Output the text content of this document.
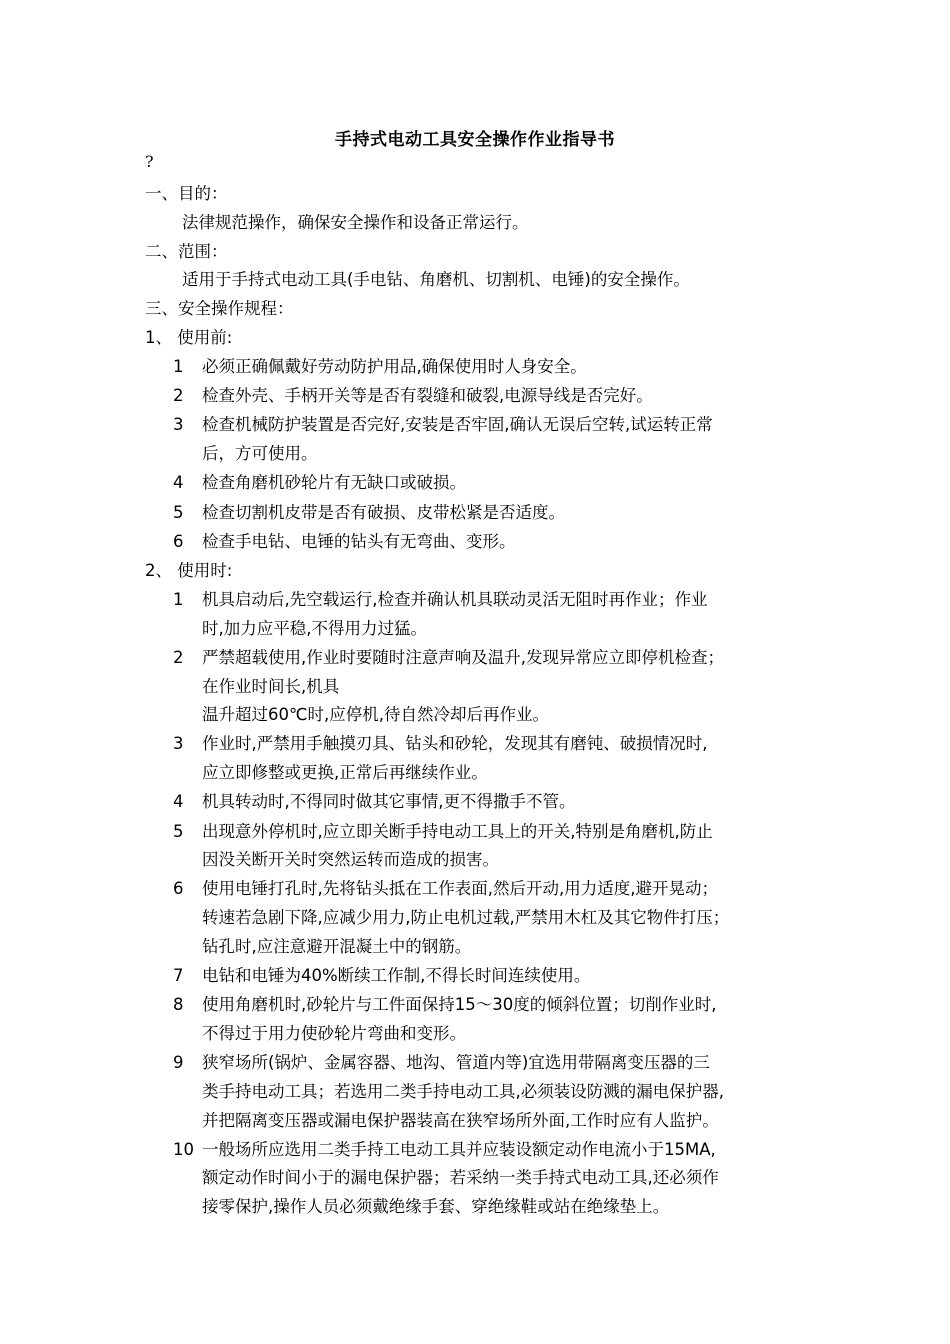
手持式电动工具安全操作作业指导书
?
一、目的：
法律规范操作，确保安全操作和设备正常运行。
二、范围：
适用于手持式电动工具(手电钻、角磨机、切割机、电锤)的安全操作。
三、安全操作规程：
1、 使用前:
1	必须正确佩戴好劳动防护用品,确保使用时人身安全。
2	检查外壳、手柄开关等是否有裂缝和破裂,电源导线是否完好。
3	检查机械防护装置是否完好,安装是否牢固,确认无误后空转,试运转正常
后，方可使用。
4	检查角磨机砂轮片有无缺口或破损。
5	检查切割机皮带是否有破损、皮带松紧是否适度。
6	检查手电钻、电锤的钻头有无弯曲、变形。
2、 使用时:
1	机具启动后,先空载运行,检查并确认机具联动灵活无阻时再作业；作业
时,加力应平稳,不得用力过猛。
2	严禁超载使用,作业时要随时注意声响及温升,发现异常应立即停机检查；
在作业时间长,机具
温升超过60℃时,应停机,待自然冷却后再作业。
3	作业时,严禁用手触摸刃具、钻头和砂轮，发现其有磨钝、破损情况时,
应立即修整或更换,正常后再继续作业。
4	机具转动时,不得同时做其它事情,更不得撒手不管。
5	出现意外停机时,应立即关断手持电动工具上的开关,特别是角磨机,防止
因没关断开关时突然运转而造成的损害。
6	使用电锤打孔时,先将钻头抵在工作表面,然后开动,用力适度,避开晃动；
转速若急剧下降,应减少用力,防止电机过载,严禁用木杠及其它物件打压；
钻孔时,应注意避开混凝土中的钢筋。
7	电钻和电锤为40%断续工作制,不得长时间连续使用。
8	使用角磨机时,砂轮片与工件面保持15～30度的倾斜位置；切削作业时,
不得过于用力使砂轮片弯曲和变形。
9	狭窄场所(锅炉、金属容器、地沟、管道内等)宜选用带隔离变压器的三
类手持电动工具；若选用二类手持电动工具,必须装设防溅的漏电保护器,
并把隔离变压器或漏电保护器装高在狭窄场所外面,工作时应有人监护。
10 一般场所应选用二类手持工电动工具并应装设额定动作电流小于15MA,
额定动作时间小于的漏电保护器；若采纳一类手持式电动工具,还必须作
接零保护,操作人员必须戴绝缘手套、穿绝缘鞋或站在绝缘垫上。
